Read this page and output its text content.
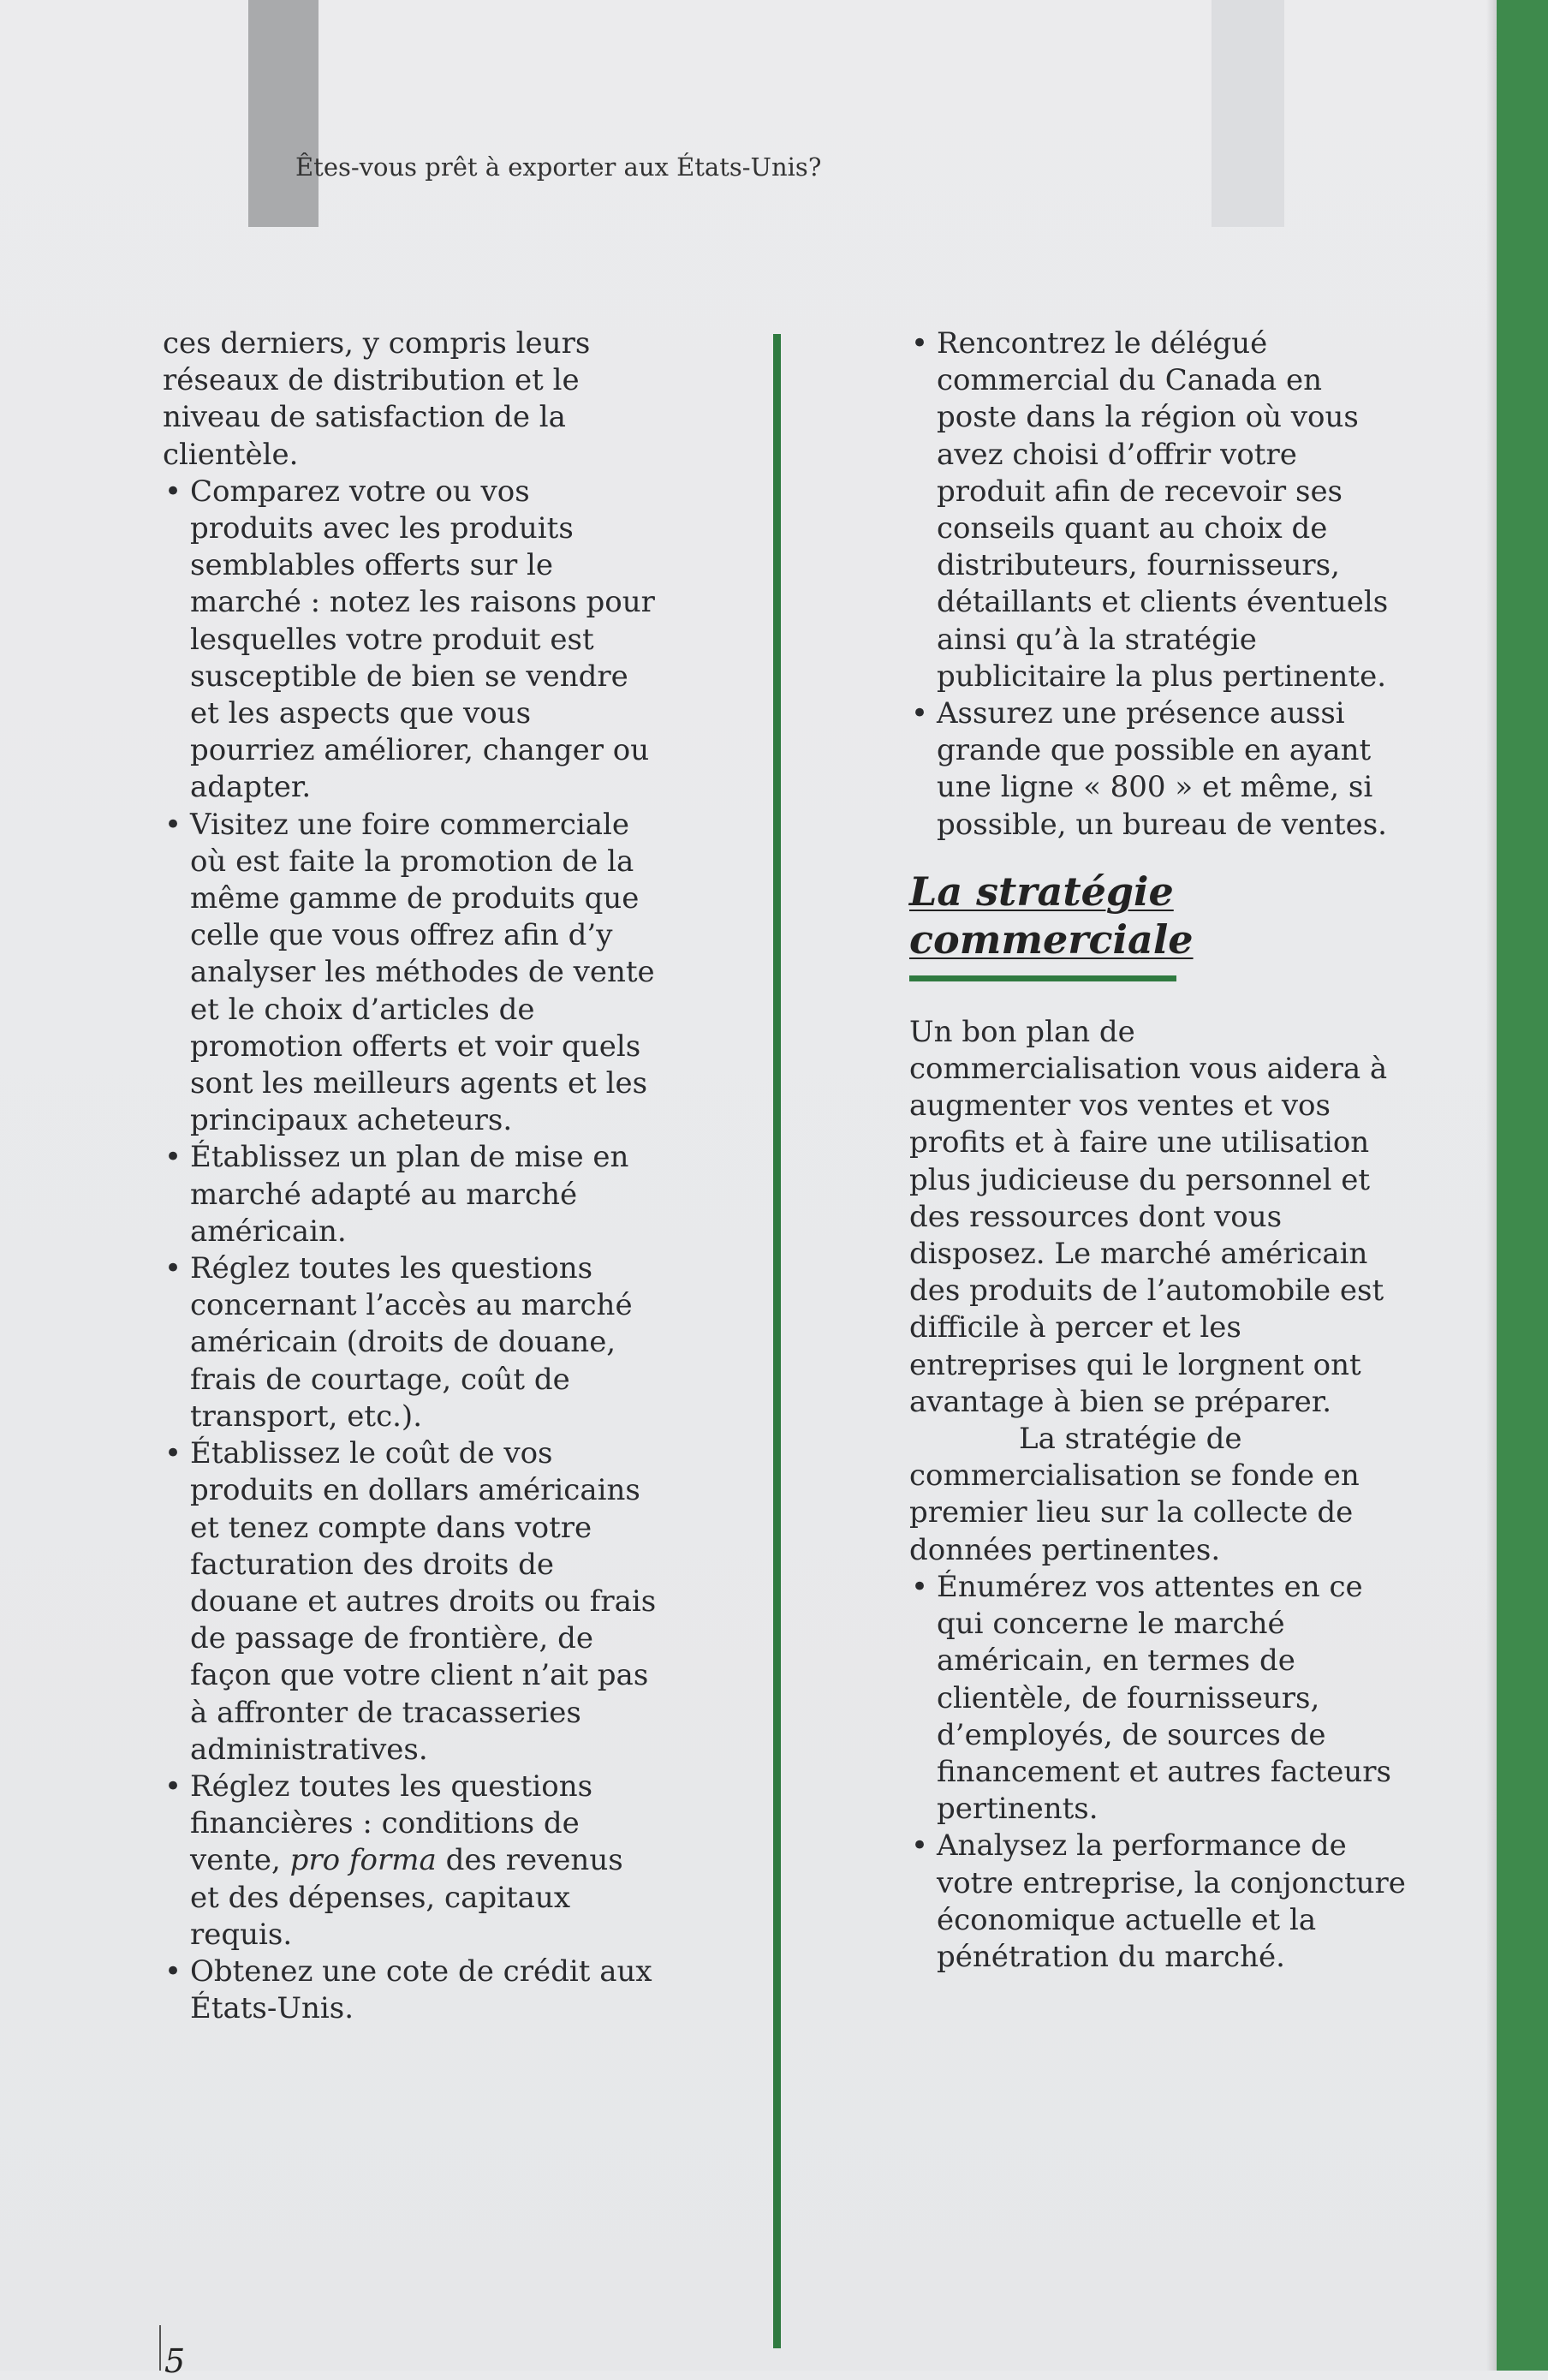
Êtes-vous prêt à exporter aux États-Unis?

ces derniers, y compris leurs réseaux de distribution et le niveau de satisfaction de la clientèle.

• Comparez votre ou vos produits avec les produits semblables offerts sur le marché : notez les raisons pour lesquelles votre produit est susceptible de bien se vendre et les aspects que vous pourriez améliorer, changer ou adapter.

• Visitez une foire commerciale où est faite la promotion de la même gamme de produits que celle que vous offrez afin d’y analyser les méthodes de vente et le choix d’articles de promotion offerts et voir quels sont les meilleurs agents et les principaux acheteurs.

• Établissez un plan de mise en marché adapté au marché américain.

• Réglez toutes les questions concernant l’accès au marché américain (droits de douane, frais de courtage, coût de transport, etc.).

• Établissez le coût de vos produits en dollars américains et tenez compte dans votre facturation des droits de douane et autres droits ou frais de passage de frontière, de façon que votre client n’ait pas à affronter de tracasseries administratives.

• Réglez toutes les questions financières : conditions de vente, pro forma des revenus et des dépenses, capitaux requis.

• Obtenez une cote de crédit aux États-Unis.

• Rencontrez le délégué commercial du Canada en poste dans la région où vous avez choisi d’offrir votre produit afin de recevoir ses conseils quant au choix de distributeurs, fournisseurs, détaillants et clients éventuels ainsi qu’à la stratégie publicitaire la plus pertinente.

• Assurez une présence aussi grande que possible en ayant une ligne « 800 » et même, si possible, un bureau de ventes.

La stratégie commerciale

Un bon plan de commercialisation vous aidera à augmenter vos ventes et vos profits et à faire une utilisation plus judicieuse du personnel et des ressources dont vous disposez. Le marché américain des produits de l’automobile est difficile à percer et les entreprises qui le lorgnent ont avantage à bien se préparer.

La stratégie de commercialisation se fonde en premier lieu sur la collecte de données pertinentes.

• Énumérez vos attentes en ce qui concerne le marché américain, en termes de clientèle, de fournisseurs, d’employés, de sources de financement et autres facteurs pertinents.

• Analysez la performance de votre entreprise, la conjoncture économique actuelle et la pénétration du marché.

5
